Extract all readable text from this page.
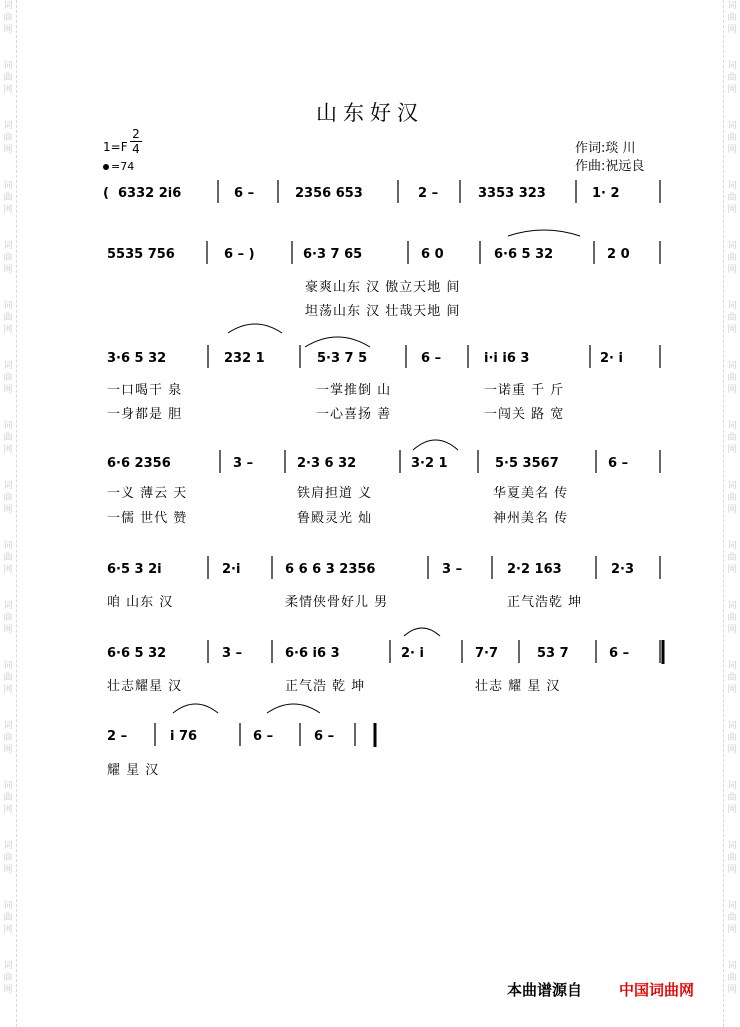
词
曲
网
词
曲
网
词
曲
网
词
曲
网
词
曲
网
词
曲
网
词
曲
网
词
曲
网
词
曲
网
词
曲
网
词
曲
网
词
曲
网
词
曲
网
词
曲
网
词
曲
网
词
曲
网
词
曲
网
词
曲
网
词
曲
网
词
曲
网
词
曲
网
词
曲
网
词
曲
网
词
曲
网
词
曲
网
词
曲
网
词
曲
网
词
曲
网
词
曲
网
词
曲
网
词
曲
网
词
曲
网
词
曲
网
词
曲
网
山东好汉
1=F
2
4
=74
作词:琰 川
作曲:祝远良
( 6332 2i6	6 –	2356 653	2 –	3353 323	1· 2
5535 756	6 – )	6·3 7 65	6 0	6·6 5 32	2 0
豪爽山东 汉 傲立天地 间
坦荡山东 汉 壮哉天地 间
3·6 5 32	232 1	5·3 7 5	6 –	i·i i6 3	2· i
一口喝干 泉	一掌推倒 山	一诺重 千 斤
一身都是 胆	一心喜扬 善	一闯关 路 宽
6·6 2356	3 –	2·3 6 32	3·2 1	5·5 3567	6 –
一义 薄云 天	铁肩担道 义	华夏美名 传
一儒 世代 赞	鲁殿灵光 灿	神州美名 传
6·5 3 2i	2·i	6 6 6 3 2356	3 –	2·2 163	2·3
咱 山东 汉	柔情侠骨好儿 男	正气浩乾 坤
6·6 5 32	3 –	6·6 i6 3	2· i	7·7	53 7	6 –
壮志耀星 汉	正气浩 乾 坤	壮志 耀 星 汉
2 –	i 76	6 –	6 –
耀 星 汉
本曲谱源自 中国词曲网
